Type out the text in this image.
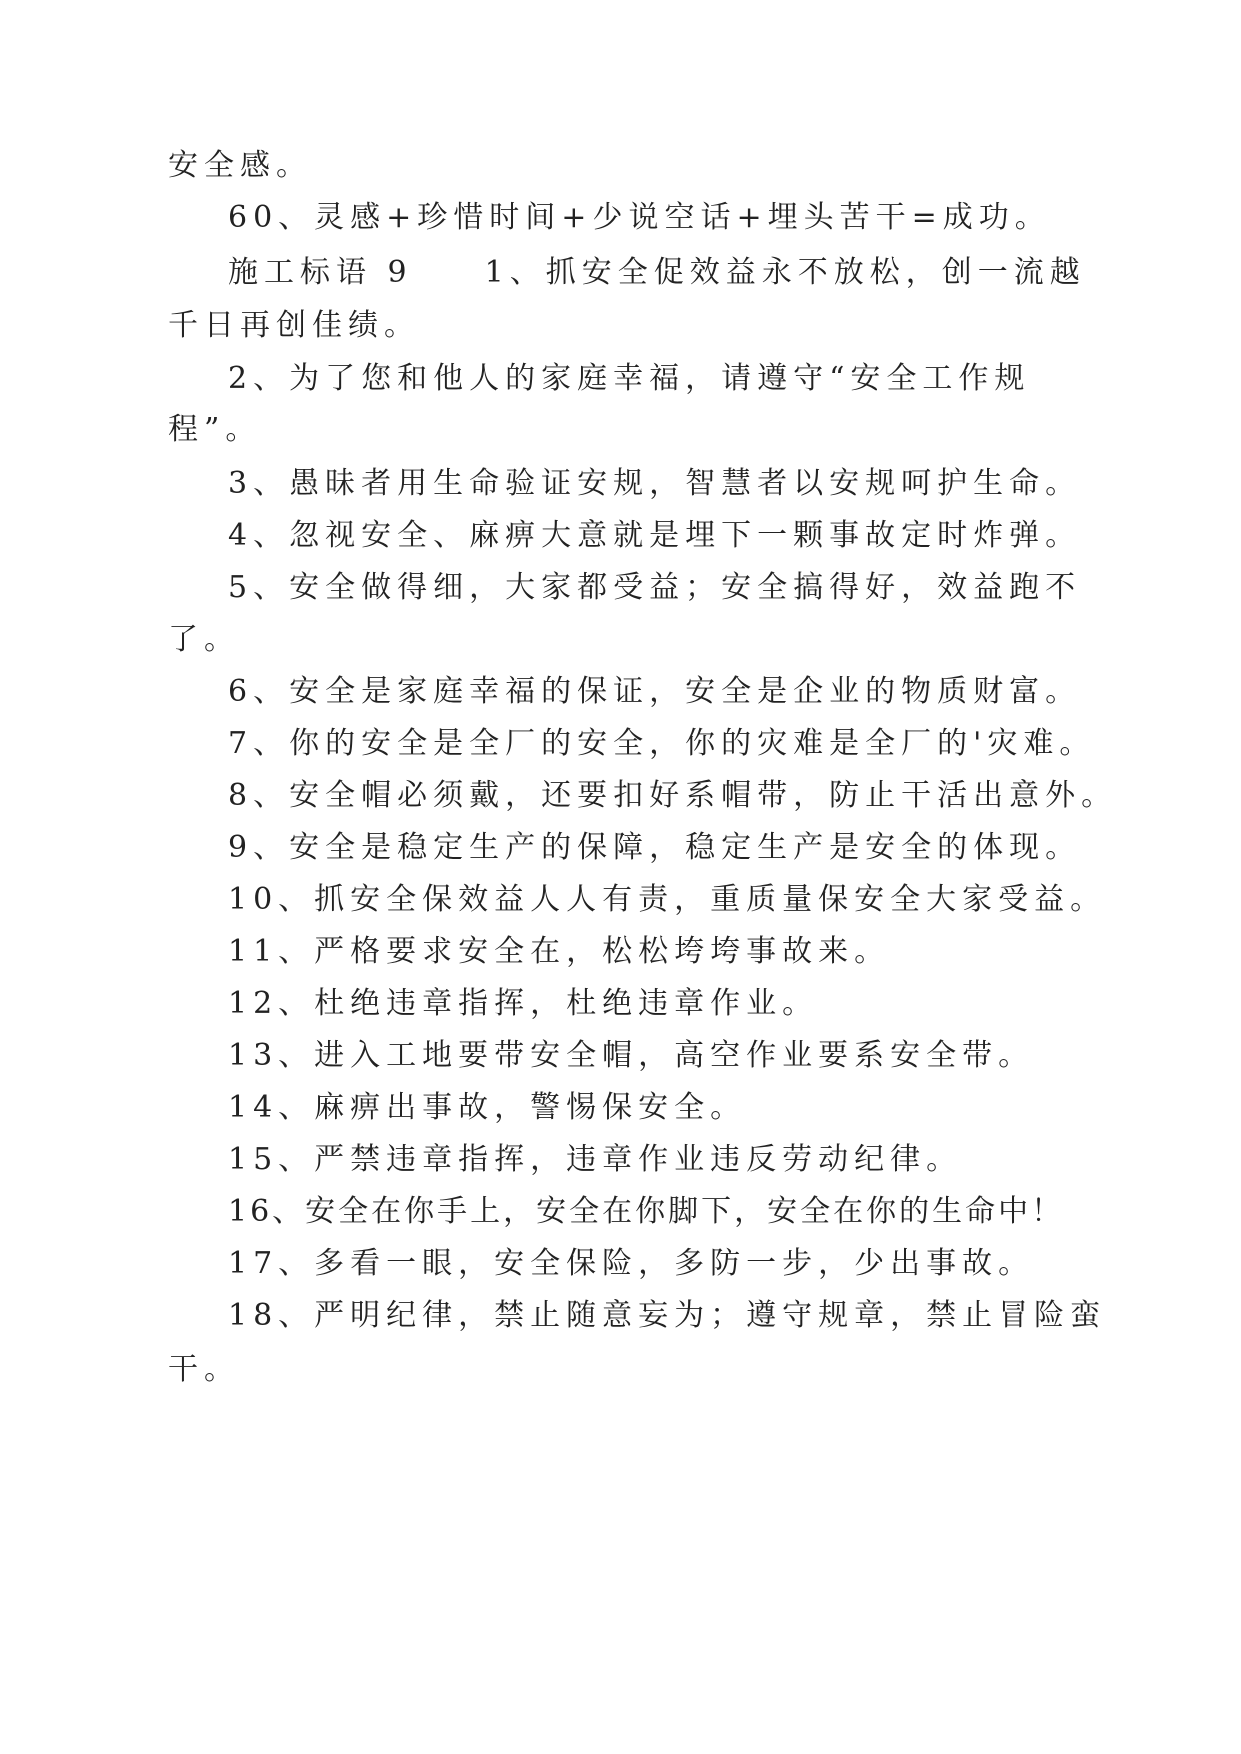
安全感。
60、灵感+珍惜时间+少说空话+埋头苦干=成功。
施工标语 9　　1、抓安全促效益永不放松，创一流越
千日再创佳绩。
2、为了您和他人的家庭幸福，请遵守“安全工作规
程”。
3、愚昧者用生命验证安规，智慧者以安规呵护生命。
4、忽视安全、麻痹大意就是埋下一颗事故定时炸弹。
5、安全做得细，大家都受益；安全搞得好，效益跑不
了。
6、安全是家庭幸福的保证，安全是企业的物质财富。
7、你的安全是全厂的安全，你的灾难是全厂的'灾难。
8、安全帽必须戴，还要扣好系帽带，防止干活出意外。
9、安全是稳定生产的保障，稳定生产是安全的体现。
10、抓安全保效益人人有责，重质量保安全大家受益。
11、严格要求安全在，松松垮垮事故来。
12、杜绝违章指挥，杜绝违章作业。
13、进入工地要带安全帽，高空作业要系安全带。
14、麻痹出事故，警惕保安全。
15、严禁违章指挥，违章作业违反劳动纪律。
16、安全在你手上，安全在你脚下，安全在你的生命中！
17、多看一眼，安全保险，多防一步，少出事故。
18、严明纪律，禁止随意妄为；遵守规章，禁止冒险蛮
干。
